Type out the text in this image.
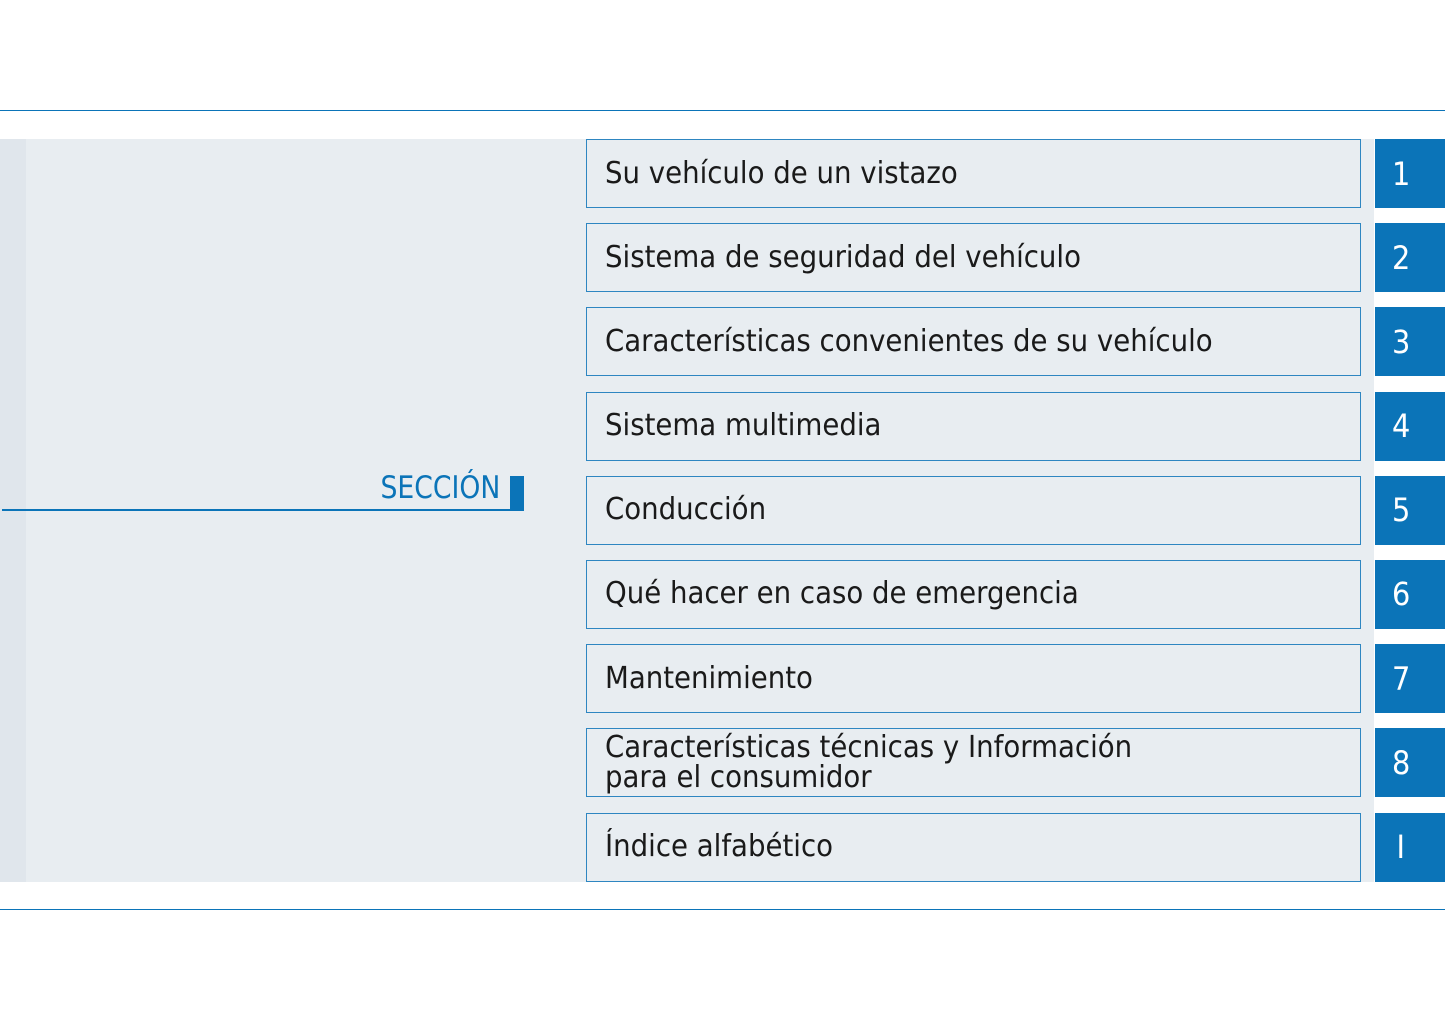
SECCIÓN
Su vehículo de un vistazo	1
Sistema de seguridad del vehículo	2
Características convenientes de su vehículo	3
Sistema multimedia	4
Conducción	5
Qué hacer en caso de emergencia	6
Mantenimiento	7
Características técnicas y Información
para el consumidor	8
Índice alfabético	I
